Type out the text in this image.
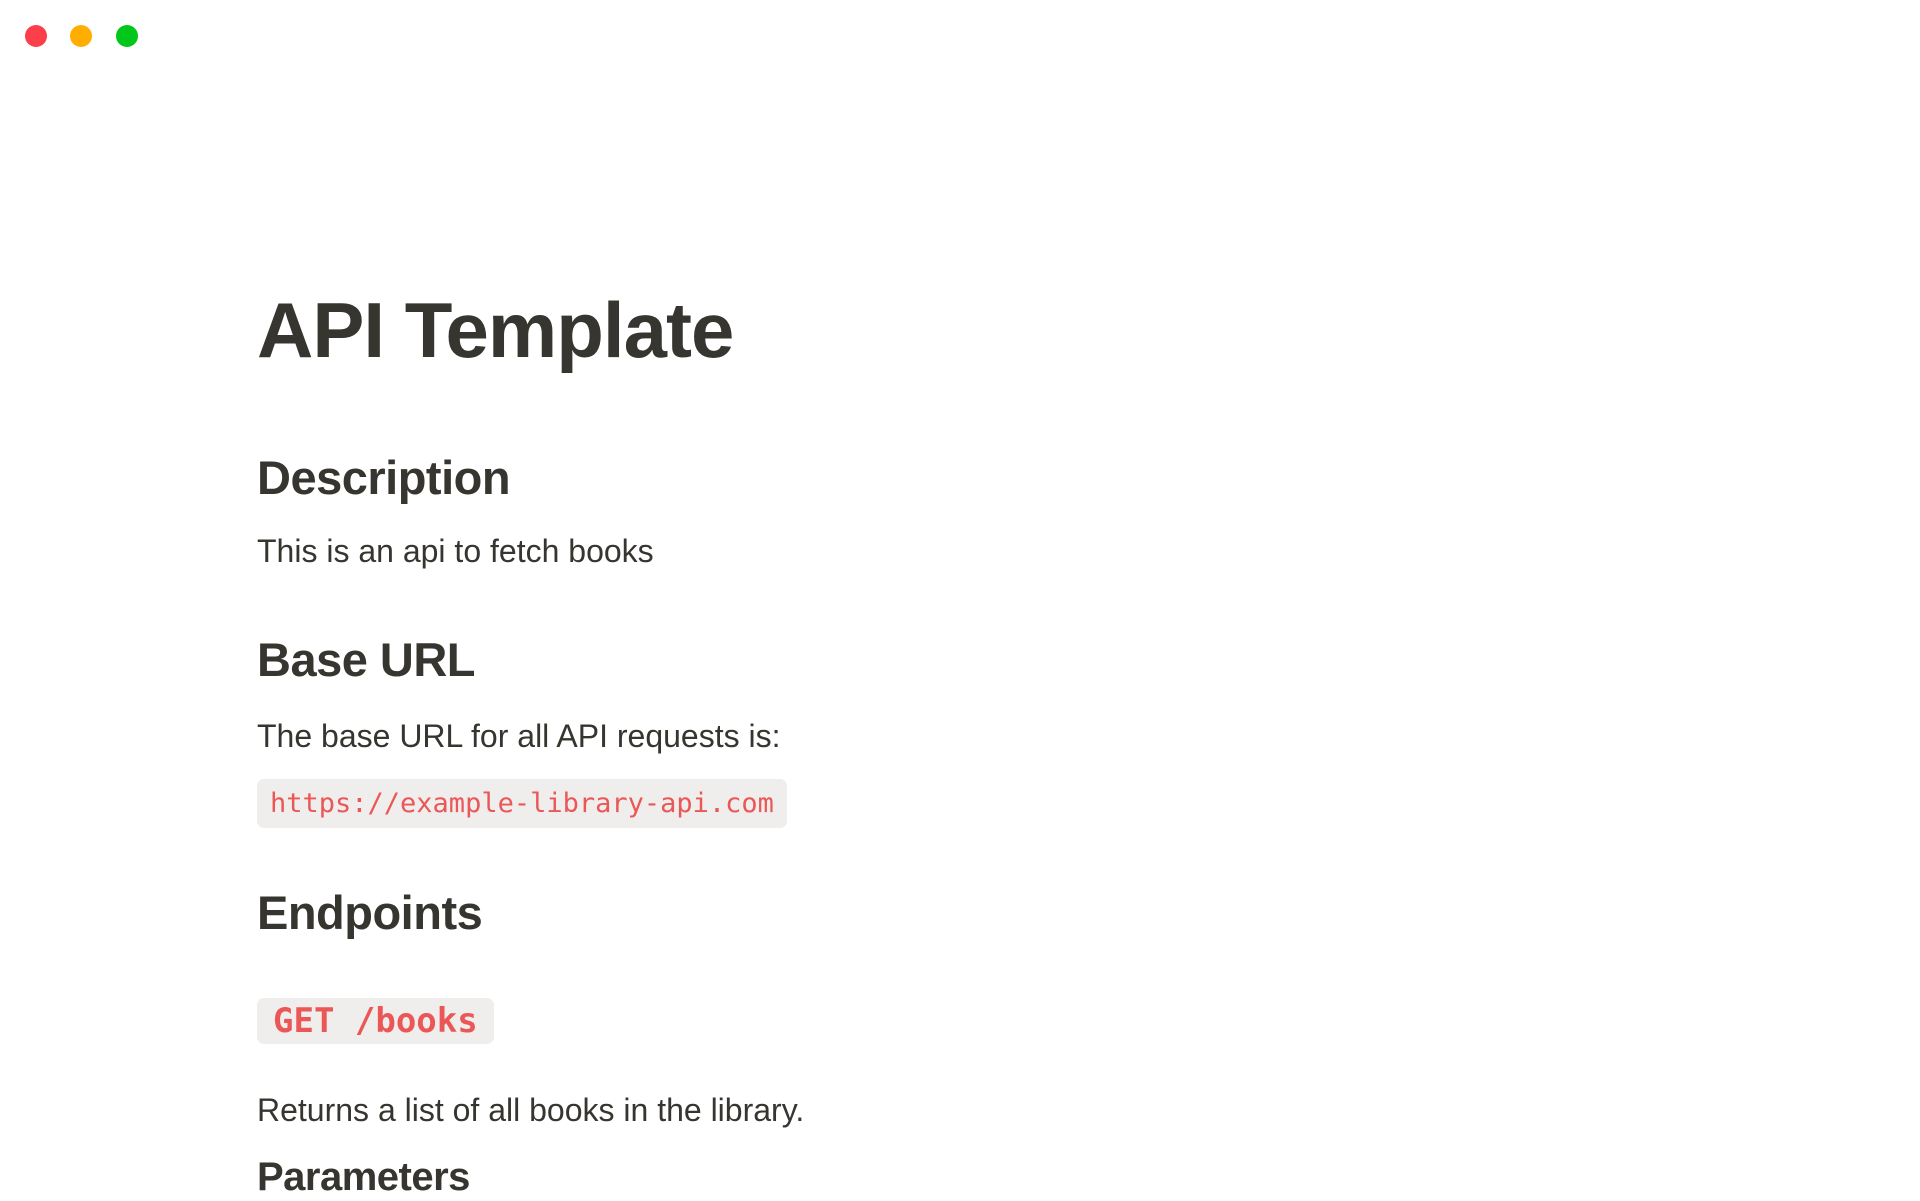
API Template
Description

This is an api to fetch books

Base URL

The base URL for all API requests is:

https://example-library-api.com
Endpoints
GET /books

Returns a list of all books in the library.

Parameters
